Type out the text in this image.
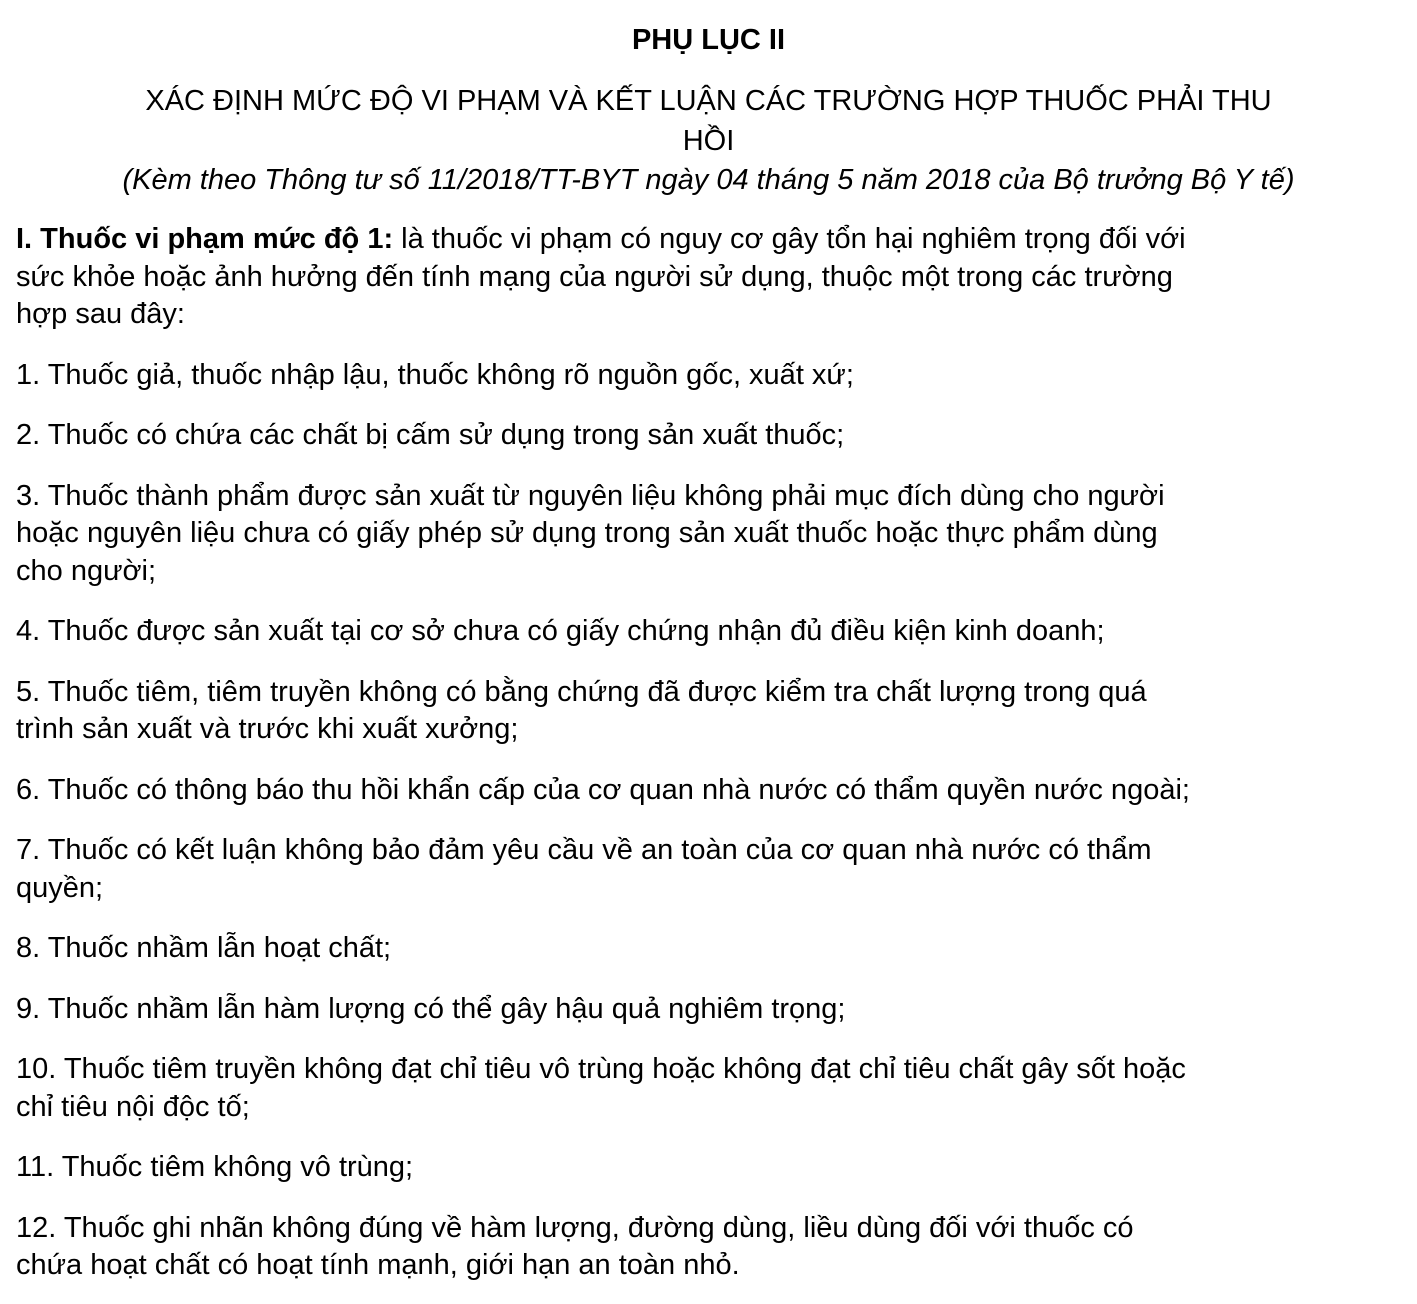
PHỤ LỤC II
XÁC ĐỊNH MỨC ĐỘ VI PHẠM VÀ KẾT LUẬN CÁC TRƯỜNG HỢP THUỐC PHẢI THU
HỒI
(Kèm theo Thông tư số 11/2018/TT-BYT ngày 04 tháng 5 năm 2018 của Bộ trưởng Bộ Y tế)
I. Thuốc vi phạm mức độ 1: là thuốc vi phạm có nguy cơ gây tổn hại nghiêm trọng đối với
sức khỏe hoặc ảnh hưởng đến tính mạng của người sử dụng, thuộc một trong các trường
hợp sau đây:
1. Thuốc giả, thuốc nhập lậu, thuốc không rõ nguồn gốc, xuất xứ;
2. Thuốc có chứa các chất bị cấm sử dụng trong sản xuất thuốc;
3. Thuốc thành phẩm được sản xuất từ nguyên liệu không phải mục đích dùng cho người
hoặc nguyên liệu chưa có giấy phép sử dụng trong sản xuất thuốc hoặc thực phẩm dùng
cho người;
4. Thuốc được sản xuất tại cơ sở chưa có giấy chứng nhận đủ điều kiện kinh doanh;
5. Thuốc tiêm, tiêm truyền không có bằng chứng đã được kiểm tra chất lượng trong quá
trình sản xuất và trước khi xuất xưởng;
6. Thuốc có thông báo thu hồi khẩn cấp của cơ quan nhà nước có thẩm quyền nước ngoài;
7. Thuốc có kết luận không bảo đảm yêu cầu về an toàn của cơ quan nhà nước có thẩm
quyền;
8. Thuốc nhầm lẫn hoạt chất;
9. Thuốc nhầm lẫn hàm lượng có thể gây hậu quả nghiêm trọng;
10. Thuốc tiêm truyền không đạt chỉ tiêu vô trùng hoặc không đạt chỉ tiêu chất gây sốt hoặc
chỉ tiêu nội độc tố;
11. Thuốc tiêm không vô trùng;
12. Thuốc ghi nhãn không đúng về hàm lượng, đường dùng, liều dùng đối với thuốc có
chứa hoạt chất có hoạt tính mạnh, giới hạn an toàn nhỏ.
